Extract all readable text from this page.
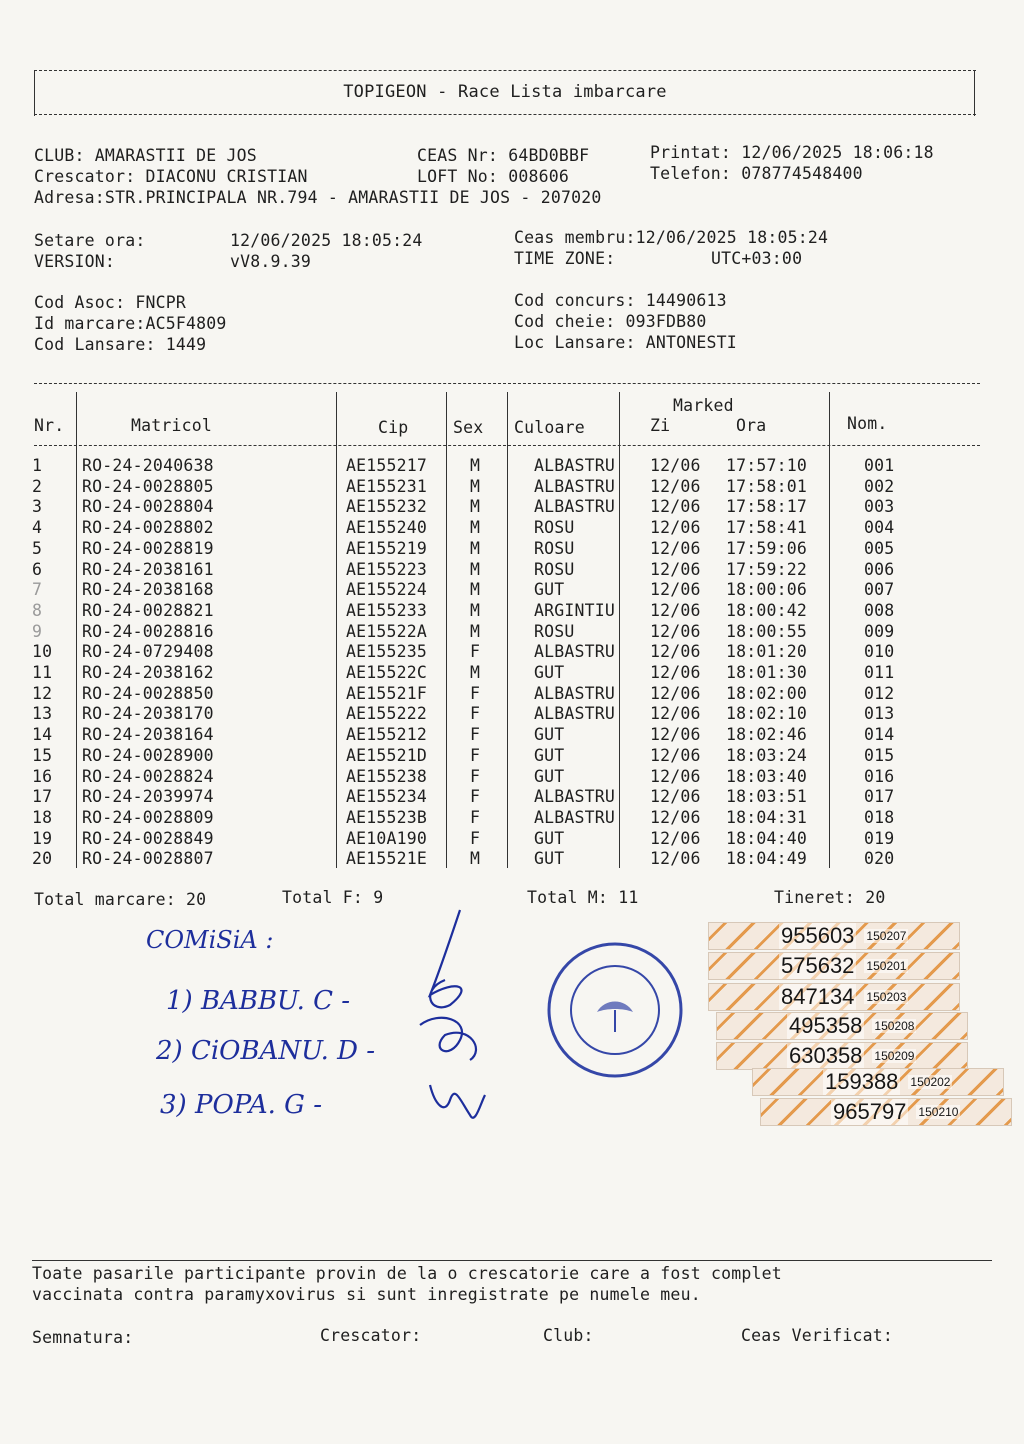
TOPIGEON - Race Lista imbarcare
CLUB: AMARASTII DE JOS	CEAS Nr: 64BD0BBF	Printat: 12/06/2025 18:06:18
Crescator: DIACONU CRISTIAN	LOFT No: 008606	Telefon: 078774548400
Adresa:STR.PRINCIPALA NR.794 - AMARASTII DE JOS - 207020
Setare ora:	12/06/2025 18:05:24	Ceas membru:12/06/2025 18:05:24
VERSION:	vV8.9.39	TIME ZONE:	UTC+03:00
Cod Asoc: FNCPR	Cod concurs: 14490613
Id marcare:AC5F4809	Cod cheie: 093FDB80
Cod Lansare: 1449	Loc Lansare: ANTONESTI
Nr.	Matricol	Cip	Sex Culoare
Marked
Zi	Ora	Nom.
1	RO-24-2040638	AE155217	M	ALBASTRU	12/06	17:57:10	001
2	RO-24-0028805	AE155231	M	ALBASTRU	12/06	17:58:01	002
3	RO-24-0028804	AE155232	M	ALBASTRU	12/06	17:58:17	003
4	RO-24-0028802	AE155240	M	ROSU	12/06	17:58:41	004
5	RO-24-0028819	AE155219	M	ROSU	12/06	17:59:06	005
6	RO-24-2038161	AE155223	M	ROSU	12/06	17:59:22	006
7	RO-24-2038168	AE155224	M	GUT	12/06	18:00:06	007
8	RO-24-0028821	AE155233	M	ARGINTIU	12/06	18:00:42	008
9	RO-24-0028816	AE15522A	M	ROSU	12/06	18:00:55	009
10	RO-24-0729408	AE155235	F	ALBASTRU	12/06	18:01:20	010
11	RO-24-2038162	AE15522C	M	GUT	12/06	18:01:30	011
12	RO-24-0028850	AE15521F	F	ALBASTRU	12/06	18:02:00	012
13	RO-24-2038170	AE155222	F	ALBASTRU	12/06	18:02:10	013
14	RO-24-2038164	AE155212	F	GUT	12/06	18:02:46	014
15	RO-24-0028900	AE15521D	F	GUT	12/06	18:03:24	015
16	RO-24-0028824	AE155238	F	GUT	12/06	18:03:40	016
17	RO-24-2039974	AE155234	F	ALBASTRU	12/06	18:03:51	017
18	RO-24-0028809	AE15523B	F	ALBASTRU	12/06	18:04:31	018
19	RO-24-0028849	AE10A190	F	GUT	12/06	18:04:40	019
20	RO-24-0028807	AE15521E	M	GUT	12/06	18:04:49	020
Total marcare: 20	Total F: 9	Total M: 11	Tineret: 20
COMiSiA :
1) BABBU. C -
2) CiOBANU. D -
3) POPA. G -
955603 150207
575632 150201
847134 150203
495358 150208
630358 150209
159388 150202
965797 150210
Toate pasarile participante provin de la o crescatorie care a fost complet
vaccinata contra paramyxovirus si sunt inregistrate pe numele meu.
Semnatura:	Crescator:	Club:	Ceas Verificat:
